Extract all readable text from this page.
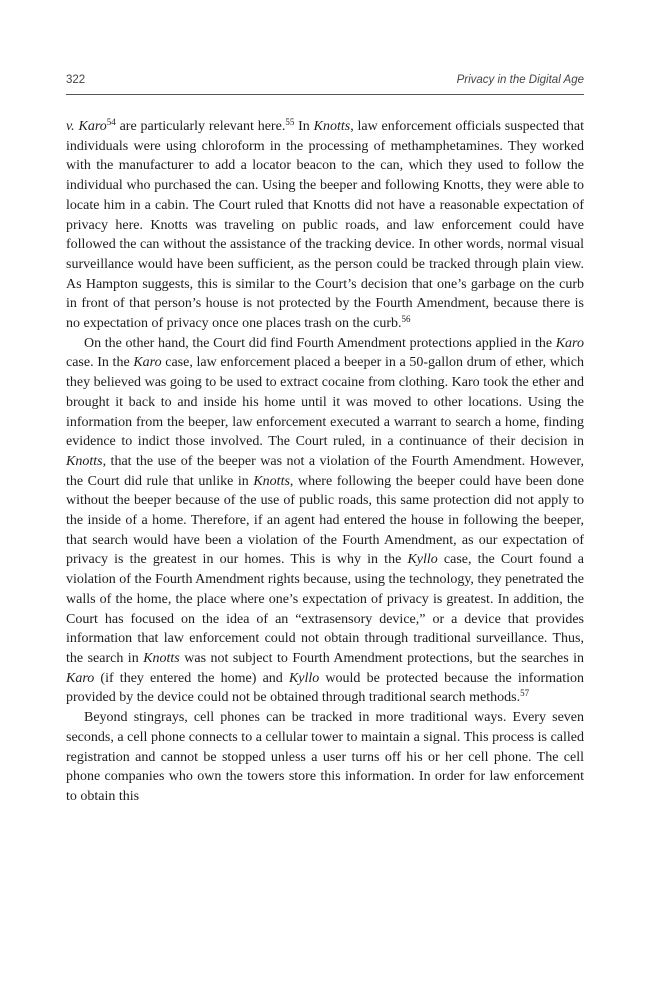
322	Privacy in the Digital Age

v. Karo$^{54}$ are particularly relevant here.$^{55}$ In Knotts, law enforcement officials suspected that individuals were using chloroform in the processing of methamphetamines. They worked with the manufacturer to add a locator beacon to the can, which they used to follow the individual who purchased the can. Using the beeper and following Knotts, they were able to locate him in a cabin. The Court ruled that Knotts did not have a reasonable expectation of privacy here. Knotts was traveling on public roads, and law enforcement could have followed the can without the assistance of the tracking device. In other words, normal visual surveillance would have been sufficient, as the person could be tracked through plain view. As Hampton suggests, this is similar to the Court’s decision that one’s garbage on the curb in front of that person’s house is not protected by the Fourth Amendment, because there is no expectation of privacy once one places trash on the curb.$^{56}$

On the other hand, the Court did find Fourth Amendment protections applied in the Karo case. In the Karo case, law enforcement placed a beeper in a 50-gallon drum of ether, which they believed was going to be used to extract cocaine from clothing. Karo took the ether and brought it back to and inside his home until it was moved to other locations. Using the information from the beeper, law enforcement executed a warrant to search a home, finding evidence to indict those involved. The Court ruled, in a continuance of their decision in Knotts, that the use of the beeper was not a violation of the Fourth Amendment. However, the Court did rule that unlike in Knotts, where following the beeper could have been done without the beeper because of the use of public roads, this same protection did not apply to the inside of a home. Therefore, if an agent had entered the house in following the beeper, that search would have been a violation of the Fourth Amendment, as our expectation of privacy is the greatest in our homes. This is why in the Kyllo case, the Court found a violation of the Fourth Amendment rights because, using the technology, they penetrated the walls of the home, the place where one’s expectation of privacy is greatest. In addition, the Court has focused on the idea of an “extrasensory device,” or a device that provides information that law enforcement could not obtain through traditional surveillance. Thus, the search in Knotts was not subject to Fourth Amendment protections, but the searches in Karo (if they entered the home) and Kyllo would be protected because the information provided by the device could not be obtained through traditional search methods.$^{57}$

Beyond stingrays, cell phones can be tracked in more traditional ways. Every seven seconds, a cell phone connects to a cellular tower to maintain a signal. This process is called registration and cannot be stopped unless a user turns off his or her cell phone. The cell phone companies who own the towers store this information. In order for law enforcement to obtain this
